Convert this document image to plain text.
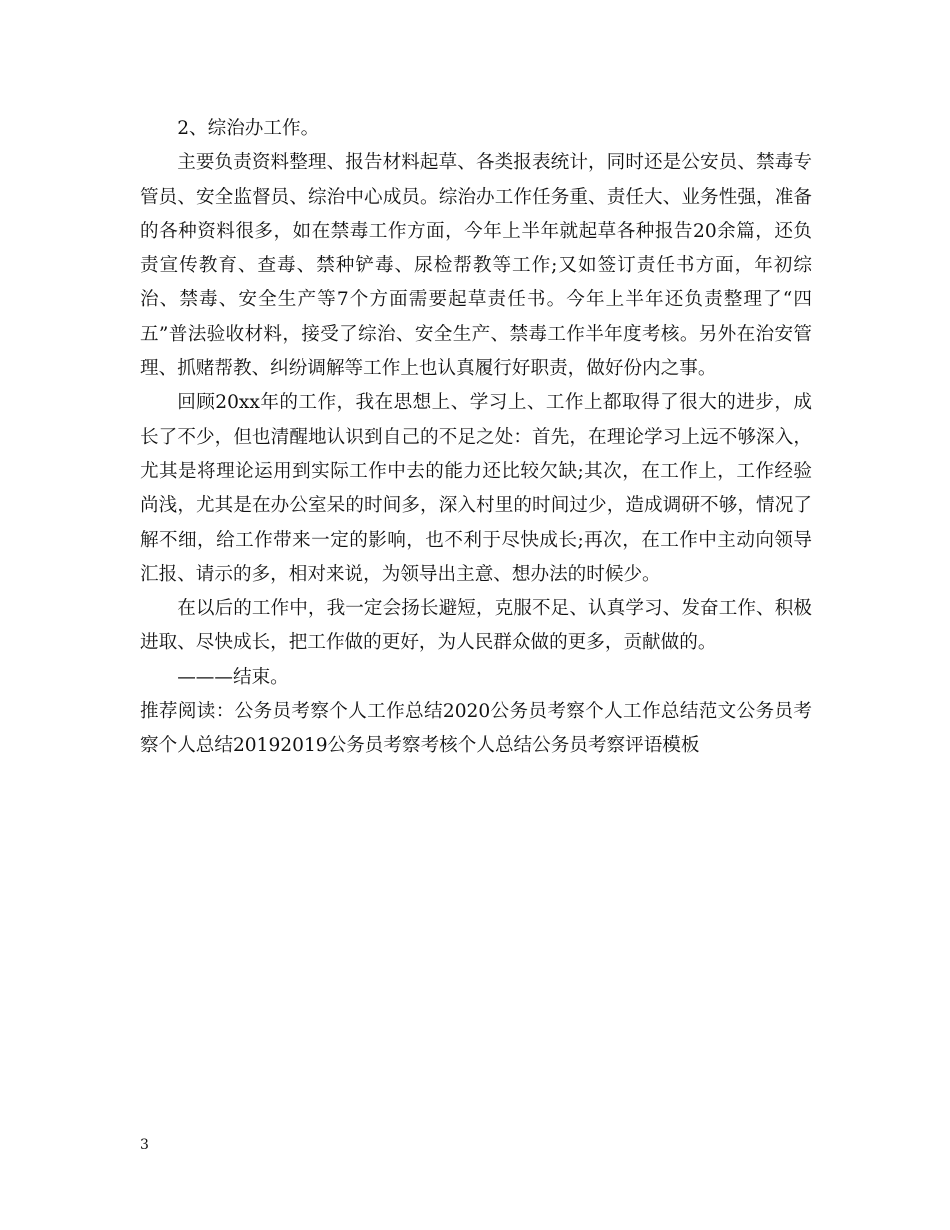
2、综治办工作。

主要负责资料整理、报告材料起草、各类报表统计，同时还是公安员、禁毒专管员、安全监督员、综治中心成员。综治办工作任务重、责任大、业务性强，准备的各种资料很多，如在禁毒工作方面，今年上半年就起草各种报告20余篇，还负责宣传教育、查毒、禁种铲毒、尿检帮教等工作;又如签订责任书方面，年初综治、禁毒、安全生产等7个方面需要起草责任书。今年上半年还负责整理了“四五”普法验收材料，接受了综治、安全生产、禁毒工作半年度考核。另外在治安管理、抓赌帮教、纠纷调解等工作上也认真履行好职责，做好份内之事。

回顾20xx年的工作，我在思想上、学习上、工作上都取得了很大的进步，成长了不少，但也清醒地认识到自己的不足之处：首先，在理论学习上远不够深入，尤其是将理论运用到实际工作中去的能力还比较欠缺;其次，在工作上，工作经验尚浅，尤其是在办公室呆的时间多，深入村里的时间过少，造成调研不够，情况了解不细，给工作带来一定的影响，也不利于尽快成长;再次，在工作中主动向领导汇报、请示的多，相对来说，为领导出主意、想办法的时候少。

在以后的工作中，我一定会扬长避短，克服不足、认真学习、发奋工作、积极进取、尽快成长，把工作做的更好，为人民群众做的更多，贡献做的。

———结束。

推荐阅读：公务员考察个人工作总结2020公务员考察个人工作总结范文公务员考察个人总结20192019公务员考察考核个人总结公务员考察评语模板

3
